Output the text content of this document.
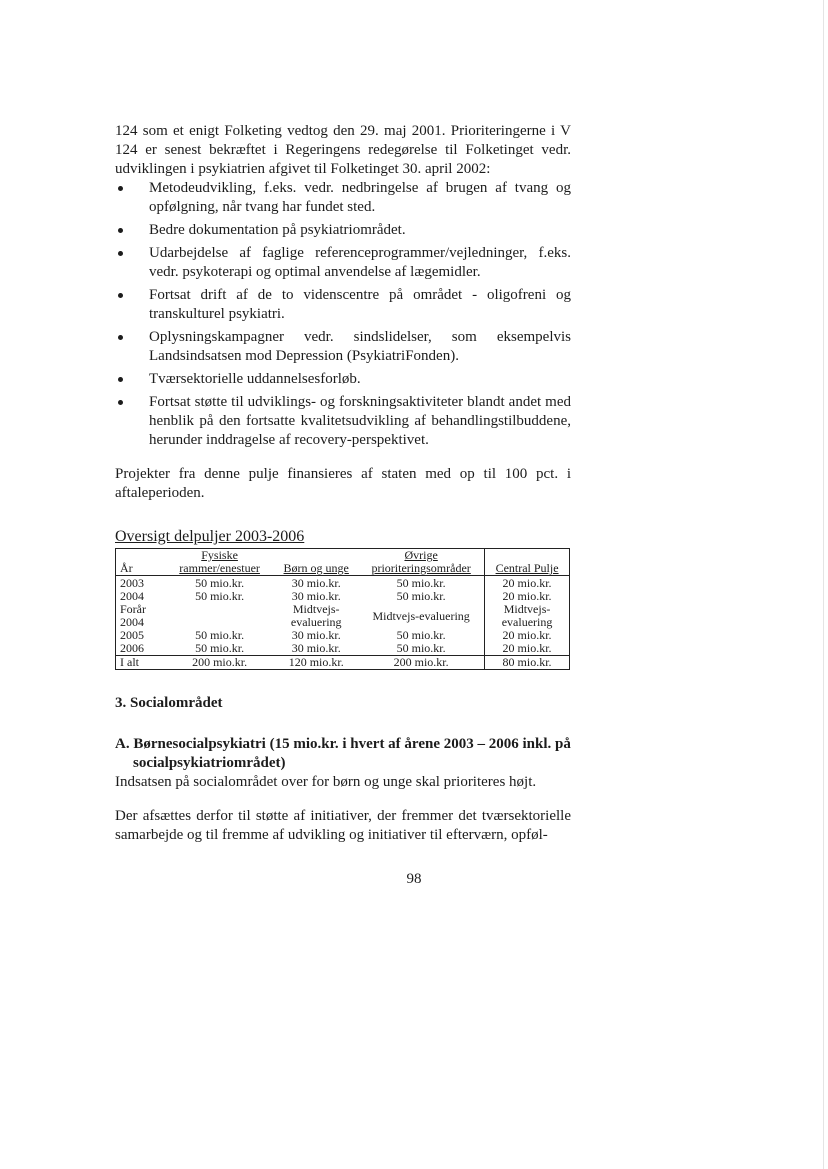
124 som et enigt Folketing vedtog den 29. maj 2001. Prioriteringerne i V 124 er senest bekræftet i Regeringens redegørelse til Folketinget vedr. udviklingen i psykiatrien afgivet til Folketinget 30. april 2002:

Metodeudvikling, f.eks. vedr. nedbringelse af brugen af tvang og opfølgning, når tvang har fundet sted.
Bedre dokumentation på psykiatriområdet.
Udarbejdelse af faglige referenceprogrammer/vejledninger, f.eks. vedr. psykoterapi og optimal anvendelse af lægemidler.
Fortsat drift af de to videnscentre på området - oligofreni og transkulturel psykiatri.
Oplysningskampagner vedr. sindslidelser, som eksempelvis Landsindsatsen mod Depression (PsykiatriFonden).
Tværsektorielle uddannelsesforløb.
Fortsat støtte til udviklings- og forskningsaktiviteter blandt andet med henblik på den fortsatte kvalitetsudvikling af behandlingstilbuddene, herunder inddragelse af recovery-perspektivet.

Projekter fra denne pulje finansieres af staten med op til 100 pct. i aftaleperioden.

Oversigt delpuljer 2003-2006
År	Fysiske rammer/enestuer	Børn og unge	Øvrige prioriteringsområder	Central Pulje
2003	50 mio.kr.	30 mio.kr.	50 mio.kr.	20 mio.kr.
2004	50 mio.kr.	30 mio.kr.	50 mio.kr.	20 mio.kr.
Forår 2004		Midtvejs-evaluering	Midtvejs-evaluering	Midtvejs-evaluering
2005	50 mio.kr.	30 mio.kr.	50 mio.kr.	20 mio.kr.
2006	50 mio.kr.	30 mio.kr.	50 mio.kr.	20 mio.kr.
I alt	200 mio.kr.	120 mio.kr.	200 mio.kr.	80 mio.kr.
3. Socialområdet
A. Børnesocialpsykiatri (15 mio.kr. i hvert af årene 2003 – 2006 inkl. på socialpsykiatriområdet)

Indsatsen på socialområdet over for børn og unge skal prioriteres højt.

Der afsættes derfor til støtte af initiativer, der fremmer det tværsektorielle samarbejde og til fremme af udvikling og initiativer til efterværn, opføl-

98
